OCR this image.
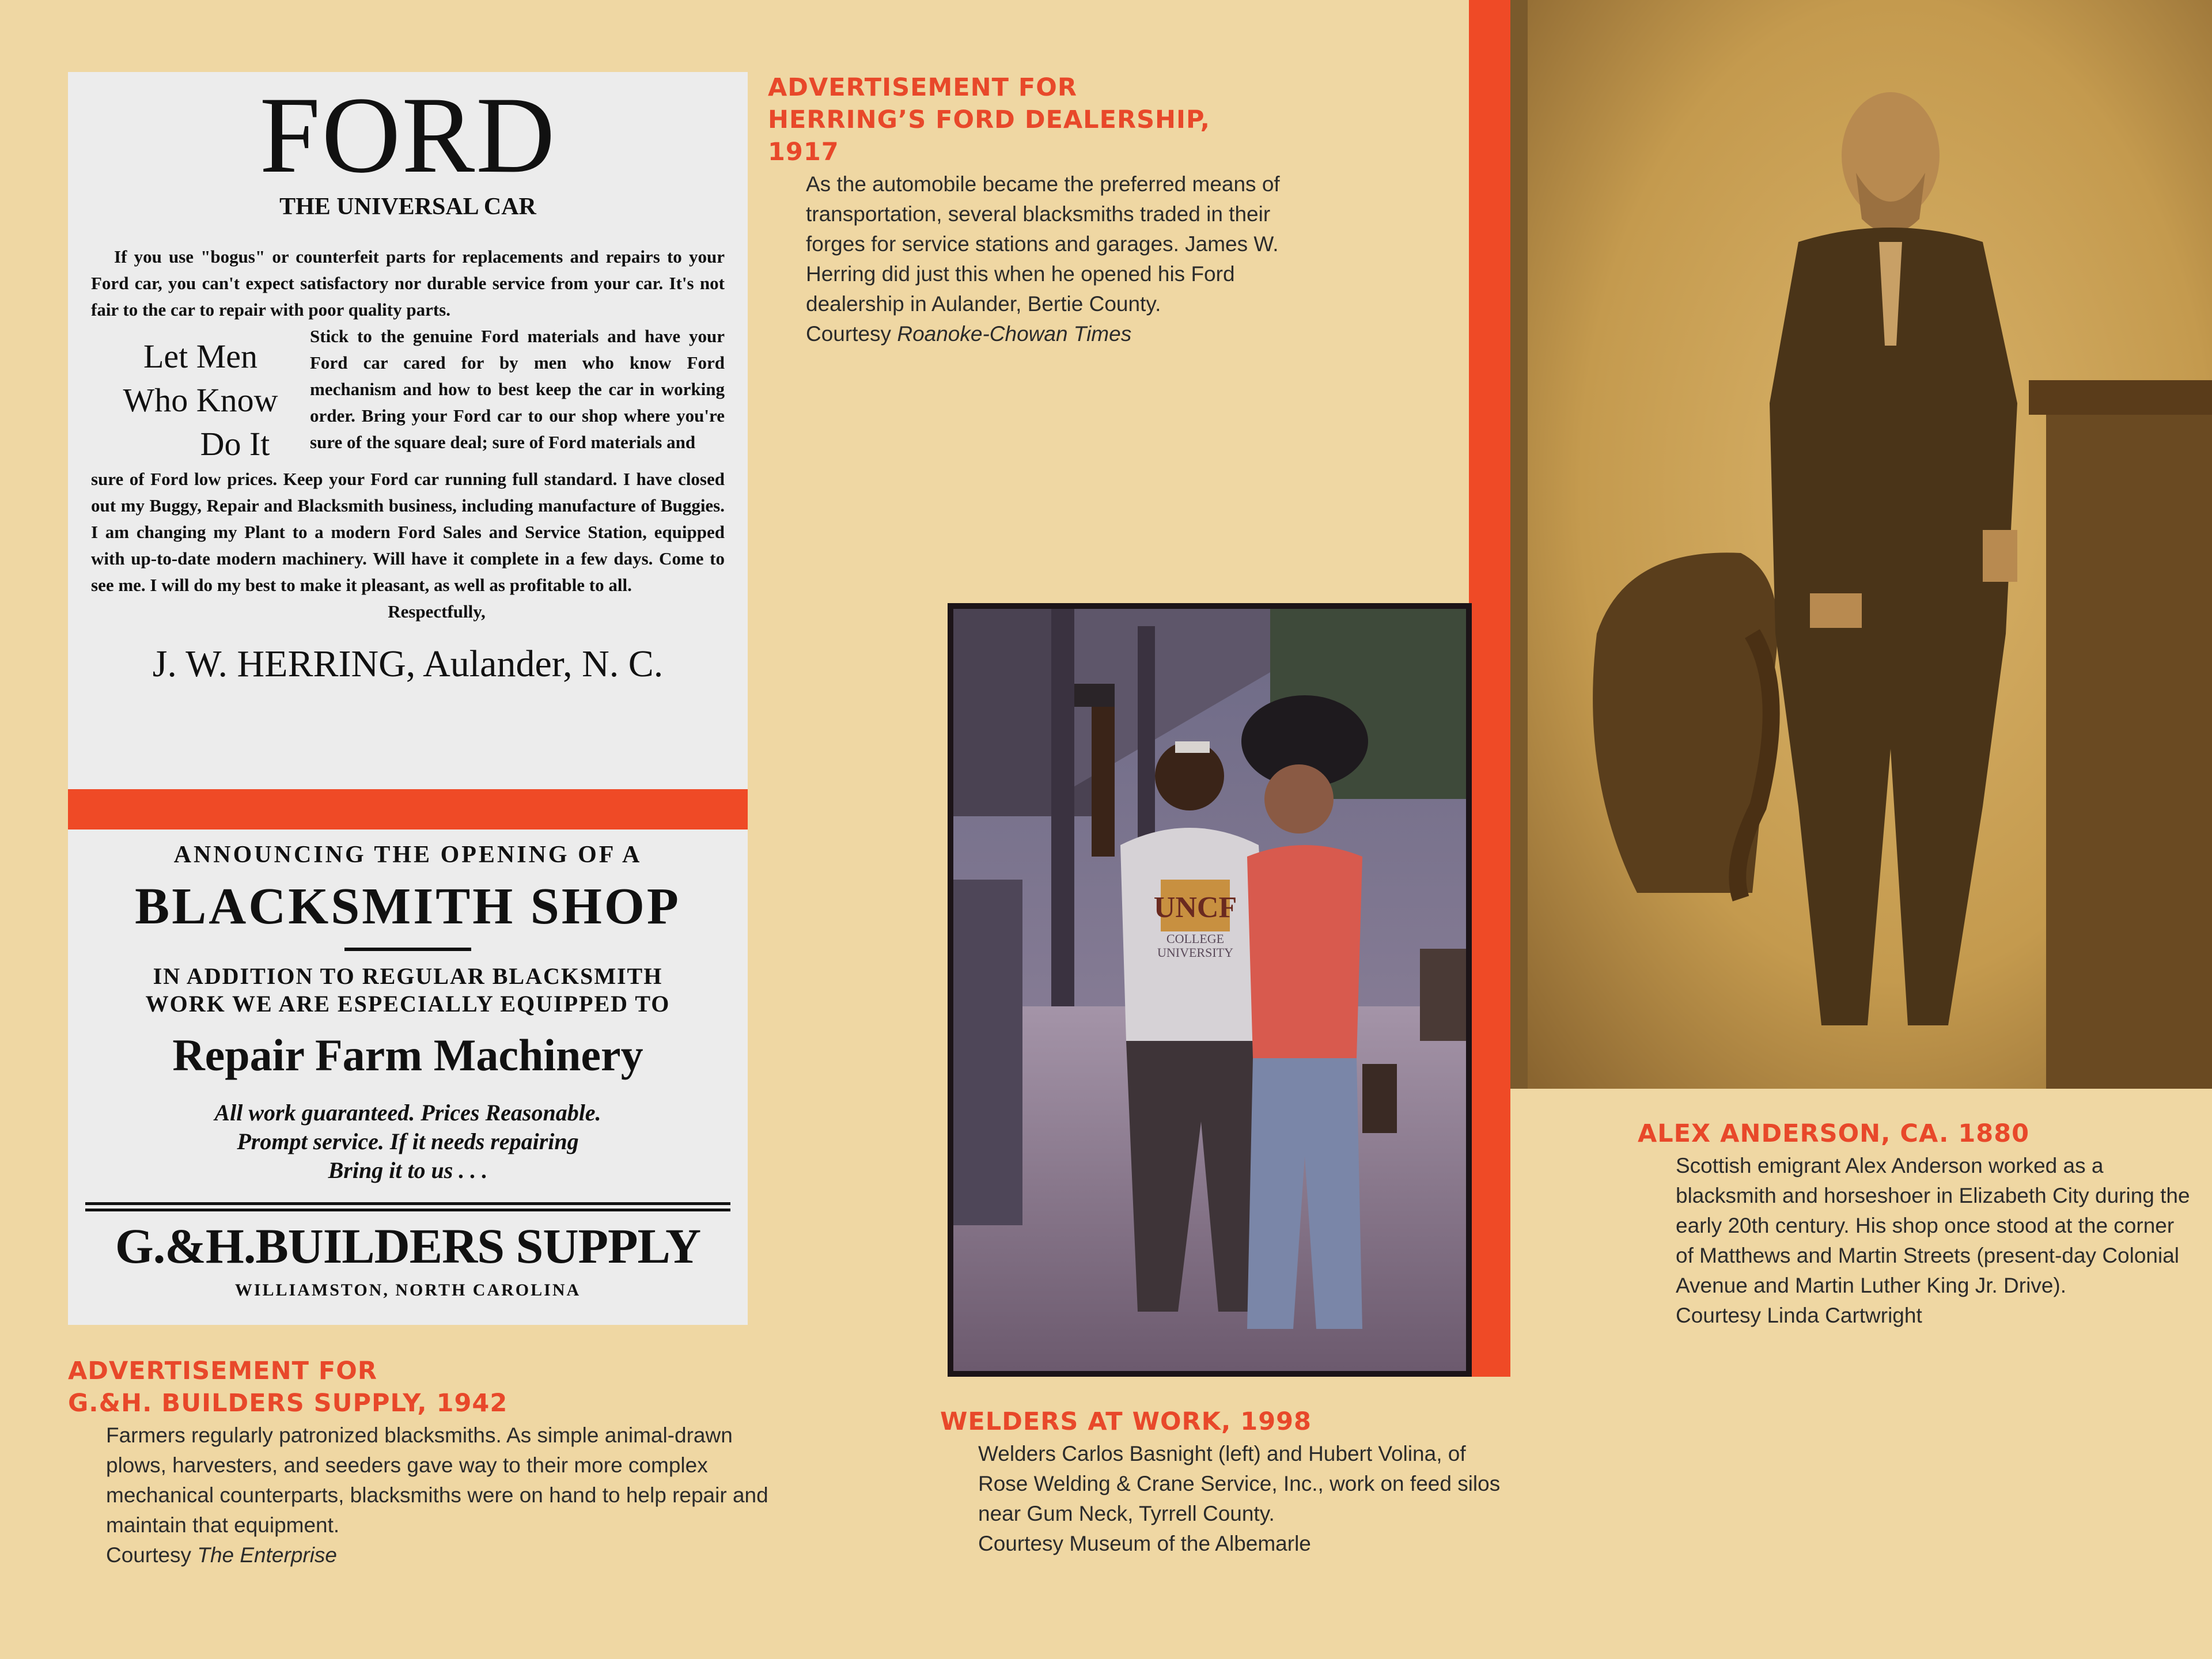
FORD
THE UNIVERSAL CAR
If you use "bogus" or counterfeit parts for replacements and repairs to your Ford car, you can't expect satisfactory nor durable service from your car. It's not fair to the car to repair with poor quality parts.
Let Men
Who Know
Do It
Stick to the genuine Ford materials and have your Ford car cared for by men who know Ford mechanism and how to best keep the car in working order. Bring your Ford car to our shop where you're sure of the square deal; sure of Ford materials and
sure of Ford low prices. Keep your Ford car running full standard. I have closed out my Buggy, Repair and Blacksmith business, including manufacture of Buggies. I am changing my Plant to a modern Ford Sales and Service Station, equipped with up-to-date modern machinery. Will have it complete in a few days. Come to see me. I will do my best to make it pleasant, as well as profitable to all.
Respectfully,
J. W. HERRING, Aulander, N. C.
ANNOUNCING THE OPENING OF A
BLACKSMITH SHOP
IN ADDITION TO REGULAR BLACKSMITH
WORK WE ARE ESPECIALLY EQUIPPED TO
Repair Farm Machinery
All work guaranteed. Prices Reasonable.
Prompt service. If it needs repairing
Bring it to us . . .
G.&H.BUILDERS SUPPLY
WILLIAMSTON, NORTH CAROLINA
UNCF
COLLEGE
UNIVERSITY
ADVERTISEMENT FOR
HERRING’S FORD DEALERSHIP, 1917

As the automobile became the preferred means of transportation, several blacksmiths traded in their forges for service stations and garages. James W. Herring did just this when he opened his Ford dealership in Aulander, Bertie County.

Courtesy Roanoke-Chowan Times

ADVERTISEMENT FOR
G.&H. BUILDERS SUPPLY, 1942

Farmers regularly patronized blacksmiths. As simple animal-drawn plows, harvesters, and seeders gave way to their more complex mechanical counterparts, blacksmiths were on hand to help repair and maintain that equipment.

Courtesy The Enterprise

WELDERS AT WORK, 1998

Welders Carlos Basnight (left) and Hubert Volina, of Rose Welding & Crane Service, Inc., work on feed silos near Gum Neck, Tyrrell County.

Courtesy Museum of the Albemarle

ALEX ANDERSON, CA. 1880

Scottish emigrant Alex Anderson worked as a blacksmith and horseshoer in Elizabeth City during the early 20th century. His shop once stood at the corner of Matthews and Martin Streets (present-day Colonial Avenue and Martin Luther King Jr. Drive).

Courtesy Linda Cartwright
